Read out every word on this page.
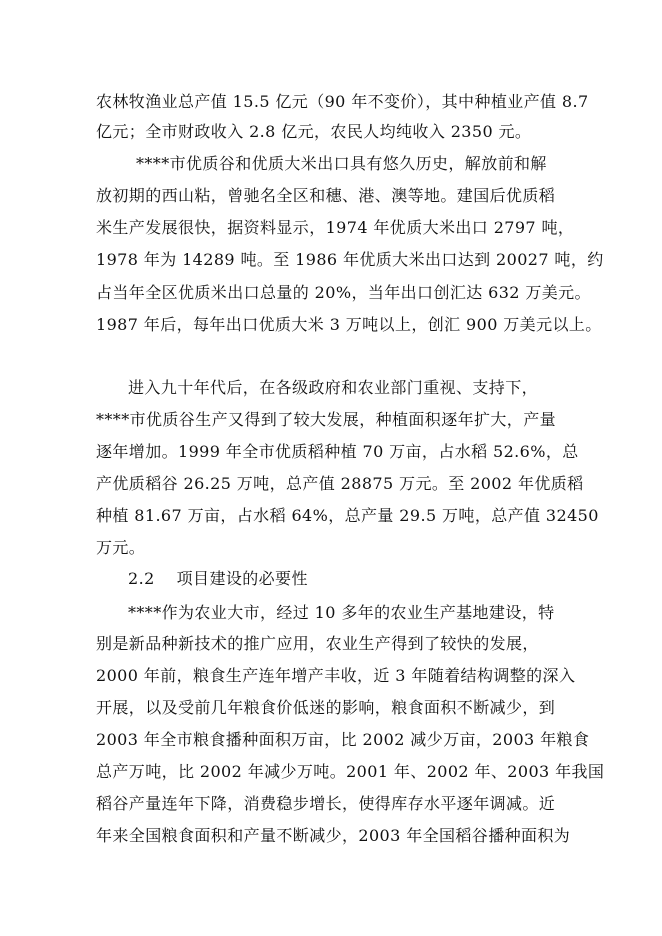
农林牧渔业总产值 15.5 亿元（90 年不变价），其中种植业产值 8.7
亿元；全市财政收入 2.8 亿元，农民人均纯收入 2350 元。
****市优质谷和优质大米出口具有悠久历史，解放前和解
放初期的西山粘，曾驰名全区和穗、港、澳等地。建国后优质稻
米生产发展很快，据资料显示，1974 年优质大米出口 2797 吨，
1978 年为 14289 吨。至 1986 年优质大米出口达到 20027 吨，约
占当年全区优质米出口总量的 20%，当年出口创汇达 632 万美元。
1987 年后，每年出口优质大米 3 万吨以上，创汇 900 万美元以上。
进入九十年代后，在各级政府和农业部门重视、支持下，
****市优质谷生产又得到了较大发展，种植面积逐年扩大，产量
逐年增加。1999 年全市优质稻种植 70 万亩，占水稻 52.6%，总
产优质稻谷 26.25 万吨，总产值 28875 万元。至 2002 年优质稻
种植 81.67 万亩，占水稻 64%，总产量 29.5 万吨，总产值 32450
万元。
2.2 项目建设的必要性
****作为农业大市，经过 10 多年的农业生产基地建设，特
别是新品种新技术的推广应用，农业生产得到了较快的发展，
2000 年前，粮食生产连年增产丰收，近 3 年随着结构调整的深入
开展，以及受前几年粮食价低迷的影响，粮食面积不断减少，到
2003 年全市粮食播种面积万亩，比 2002 减少万亩，2003 年粮食
总产万吨，比 2002 年减少万吨。2001 年、2002 年、2003 年我国
稻谷产量连年下降，消费稳步增长，使得库存水平逐年调减。近
年来全国粮食面积和产量不断减少，2003 年全国稻谷播种面积为
